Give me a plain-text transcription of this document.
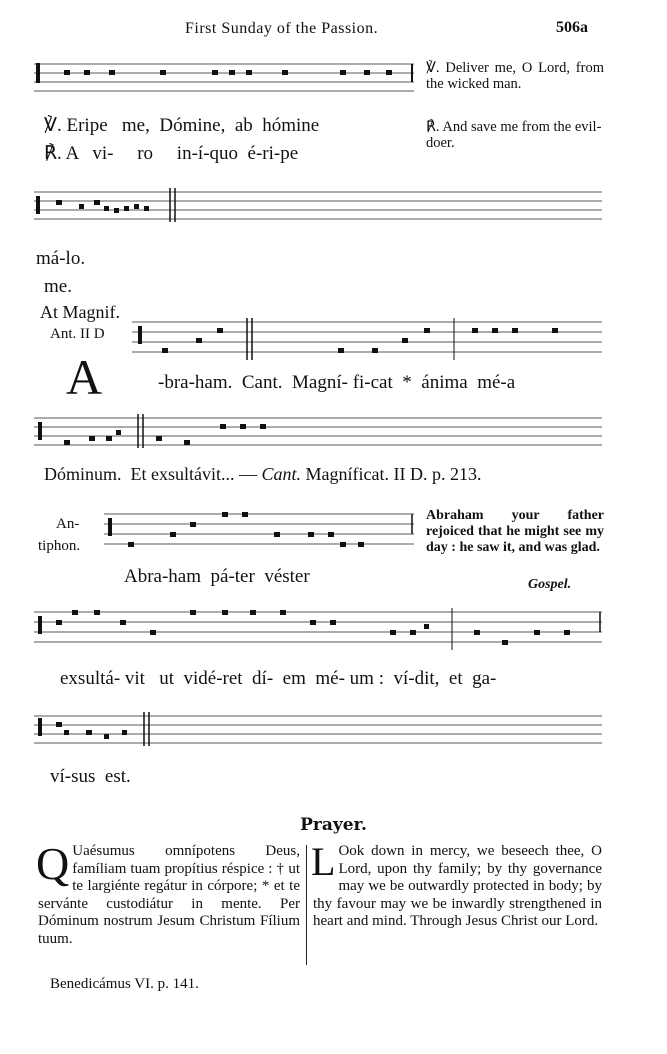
First Sunday of the Passion.	506a
℣. Eripe   me,  Dómine,  ab  hómine
℟. A   vi-     ro     in-í-quo  é-ri-pe
℣. Deliver me, O Lord, from the wicked man.
℟. And save me from the evil-doer.
má-lo.
me.
At Magnif.
Ant. II D
A	-bra-ham.  Cant.  Magní- fi-cat  *  ánima  mé-a
Dóminum.  Et exsultávit... — Cant. Magníficat. II D. p. 213.
An-
tiphon.
Abra-ham  pá-ter  véster
Abraham your father rejoiced that he might see my day : he saw it, and was glad.
Gospel.
exsultá- vit   ut  vidé-ret  dí-  em  mé- um :  ví-dit,  et  ga-
ví-sus  est.
Prayer.
Q Uaésumus omnípotens Deus, famíliam tuam propítius réspice : † ut te largiénte regátur in córpore; * et te servánte custodiátur in mente. Per Dóminum nostrum Jesum Christum Fílium tuum.
L Ook down in mercy, we beseech thee, O Lord, upon thy family; by thy governance may we be outwardly protected in body; by thy favour may we be inwardly strengthened in heart and mind. Through Jesus Christ our Lord.
Benedicámus VI. p. 141.
